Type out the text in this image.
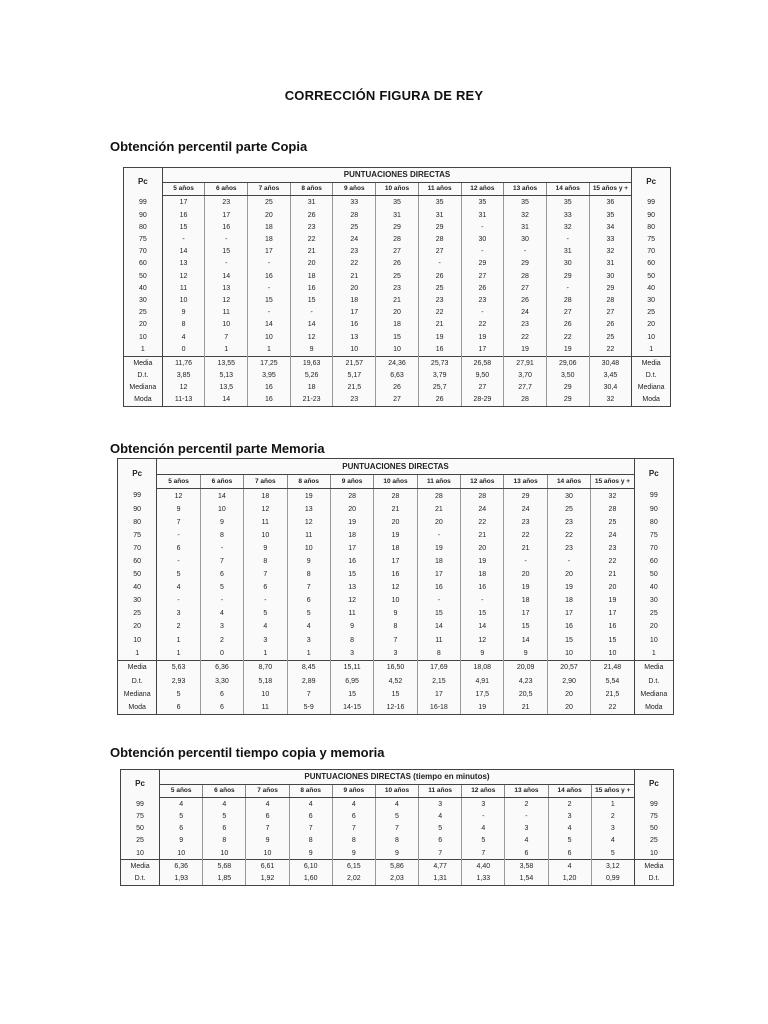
CORRECCIÓN FIGURA DE REY
Obtención percentil parte Copia
Pc	PUNTUACIONES DIRECTAS											Pc
	5 años	6 años	7 años	8 años	9 años	10 años	11 años	12 años	13 años	14 años	15 años y +	
99	17	23	25	31	33	35	35	35	35	35	36	99
90	16	17	20	26	28	31	31	31	32	33	35	90
80	15	16	18	23	25	29	29	-	31	32	34	80
75	-	-	18	22	24	28	28	30	30	-	33	75
70	14	15	17	21	23	27	27	-	-	31	32	70
60	13	-	-	20	22	26	-	29	29	30	31	60
50	12	14	16	18	21	25	26	27	28	29	30	50
40	11	13	-	16	20	23	25	26	27	-	29	40
30	10	12	15	15	18	21	23	23	26	28	28	30
25	9	11	-	-	17	20	22	-	24	27	27	25
20	8	10	14	14	16	18	21	22	23	26	26	20
10	4	7	10	12	13	15	19	19	22	22	25	10
1	0	1	1	9	10	10	16	17	19	19	22	1
Media	11,76	13,55	17,25	19,63	21,57	24,36	25,73	26,58	27,91	29,06	30,48	Media
D.t.	3,85	5,13	3,95	5,26	5,17	6,63	3,79	9,50	3,70	3,50	3,45	D.t.
Mediana	12	13,5	16	18	21,5	26	25,7	27	27,7	29	30,4	Mediana
Moda	11-13	14	16	21-23	23	27	26	28-29	28	29	32	Moda
Obtención percentil parte Memoria
Pc	PUNTUACIONES DIRECTAS											Pc
	5 años	6 años	7 años	8 años	9 años	10 años	11 años	12 años	13 años	14 años	15 años y +	
99	12	14	18	19	28	28	28	28	29	30	32	99
90	9	10	12	13	20	21	21	24	24	25	28	90
80	7	9	11	12	19	20	20	22	23	23	25	80
75	-	8	10	11	18	19	-	21	22	22	24	75
70	6	-	9	10	17	18	19	20	21	23	23	70
60	-	7	8	9	16	17	18	19	-	-	22	60
50	5	6	7	8	15	16	17	18	20	20	21	50
40	4	5	6	7	13	12	16	16	19	19	20	40
30	-	-	-	6	12	10	-	-	18	18	19	30
25	3	4	5	5	11	9	15	15	17	17	17	25
20	2	3	4	4	9	8	14	14	15	16	16	20
10	1	2	3	3	8	7	11	12	14	15	15	10
1	1	0	1	1	3	3	8	9	9	10	10	1
Media	5,63	6,36	8,70	8,45	15,11	16,50	17,69	18,08	20,09	20,57	21,48	Media
D.t.	2,93	3,30	5,18	2,89	6,95	4,52	2,15	4,91	4,23	2,90	5,54	D.t.
Mediana	5	6	10	7	15	15	17	17,5	20,5	20	21,5	Mediana
Moda	6	6	11	5-9	14-15	12-16	16-18	19	21	20	22	Moda
Obtención percentil tiempo copia y memoria
Pc	PUNTUACIONES DIRECTAS (tiempo en minutos)											Pc
	5 años	6 años	7 años	8 años	9 años	10 años	11 años	12 años	13 años	14 años	15 años y +	
99	4	4	4	4	4	4	3	3	2	2	1	99
75	5	5	6	6	6	5	4	-	-	3	2	75
50	6	6	7	7	7	7	5	4	3	4	3	50
25	9	8	9	8	8	8	6	5	4	5	4	25
10	10	10	10	9	9	9	7	7	6	6	5	10
Media	6,36	5,68	6,61	6,10	6,15	5,86	4,77	4,40	3,58	4	3,12	Media
D.t.	1,93	1,85	1,92	1,60	2,02	2,03	1,31	1,33	1,54	1,20	0,99	D.t.
